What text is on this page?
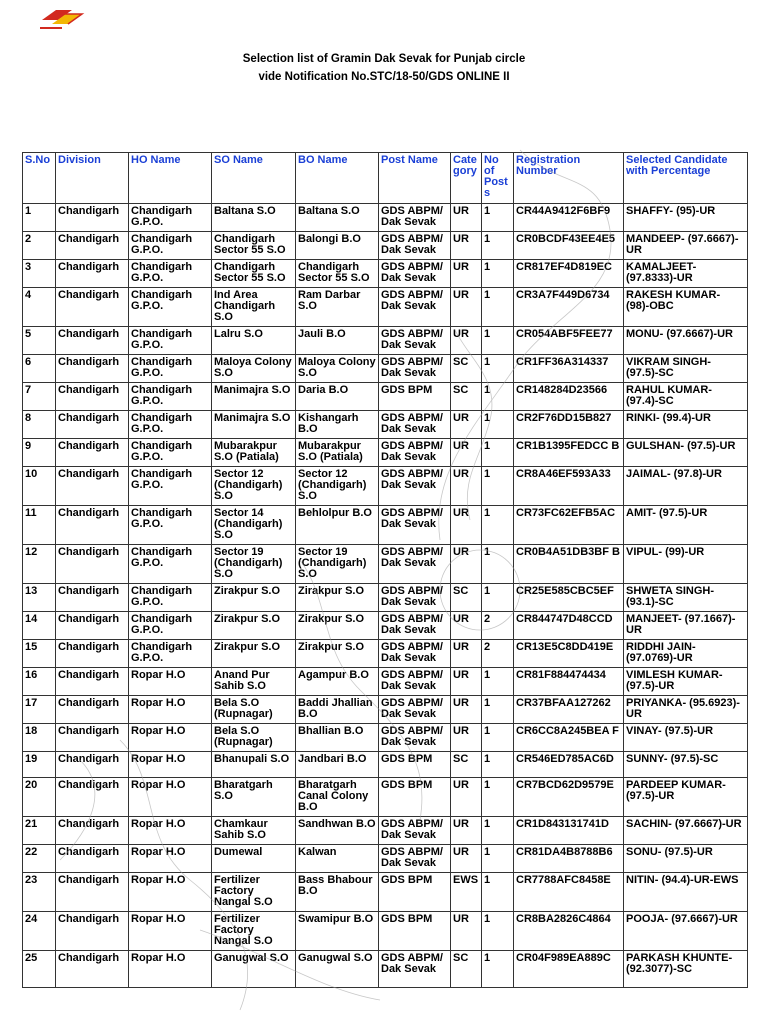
Selection list of Gramin Dak Sevak for Punjab circle
vide Notification No.STC/18-50/GDS ONLINE II
S.No	Division	HO Name	SO Name	BO Name	Post Name	Cate gory	No of Post s	Registration Number	Selected Candidate with Percentage
1	Chandigarh	Chandigarh G.P.O.	Baltana S.O	Baltana S.O	GDS ABPM/ Dak Sevak	UR	1	CR44A9412F6BF9	SHAFFY- (95)-UR
2	Chandigarh	Chandigarh G.P.O.	Chandigarh Sector 55 S.O	Balongi B.O	GDS ABPM/ Dak Sevak	UR	1	CR0BCDF43EE4E5	MANDEEP- (97.6667)-UR
3	Chandigarh	Chandigarh G.P.O.	Chandigarh Sector 55 S.O	Chandigarh Sector 55 S.O	GDS ABPM/ Dak Sevak	UR	1	CR817EF4D819EC	KAMALJEET- (97.8333)-UR
4	Chandigarh	Chandigarh G.P.O.	Ind Area Chandigarh S.O	Ram Darbar S.O	GDS ABPM/ Dak Sevak	UR	1	CR3A7F449D6734	RAKESH KUMAR- (98)-OBC
5	Chandigarh	Chandigarh G.P.O.	Lalru S.O	Jauli B.O	GDS ABPM/ Dak Sevak	UR	1	CR054ABF5FEE77	MONU- (97.6667)-UR
6	Chandigarh	Chandigarh G.P.O.	Maloya Colony S.O	Maloya Colony S.O	GDS ABPM/ Dak Sevak	SC	1	CR1FF36A314337	VIKRAM SINGH- (97.5)-SC
7	Chandigarh	Chandigarh G.P.O.	Manimajra S.O	Daria B.O	GDS BPM	SC	1	CR148284D23566	RAHUL KUMAR- (97.4)-SC
8	Chandigarh	Chandigarh G.P.O.	Manimajra S.O	Kishangarh B.O	GDS ABPM/ Dak Sevak	UR	1	CR2F76DD15B827	RINKI- (99.4)-UR
9	Chandigarh	Chandigarh G.P.O.	Mubarakpur S.O (Patiala)	Mubarakpur S.O (Patiala)	GDS ABPM/ Dak Sevak	UR	1	CR1B1395FEDCC B	GULSHAN- (97.5)-UR
10	Chandigarh	Chandigarh G.P.O.	Sector 12 (Chandigarh) S.O	Sector 12 (Chandigarh) S.O	GDS ABPM/ Dak Sevak	UR	1	CR8A46EF593A33	JAIMAL- (97.8)-UR
11	Chandigarh	Chandigarh G.P.O.	Sector 14 (Chandigarh) S.O	Behlolpur B.O	GDS ABPM/ Dak Sevak	UR	1	CR73FC62EFB5AC	AMIT- (97.5)-UR
12	Chandigarh	Chandigarh G.P.O.	Sector 19 (Chandigarh) S.O	Sector 19 (Chandigarh) S.O	GDS ABPM/ Dak Sevak	UR	1	CR0B4A51DB3BF B	VIPUL- (99)-UR
13	Chandigarh	Chandigarh G.P.O.	Zirakpur S.O	Zirakpur S.O	GDS ABPM/ Dak Sevak	SC	1	CR25E585CBC5EF	SHWETA SINGH- (93.1)-SC
14	Chandigarh	Chandigarh G.P.O.	Zirakpur S.O	Zirakpur S.O	GDS ABPM/ Dak Sevak	UR	2	CR844747D48CCD	MANJEET- (97.1667)-UR
15	Chandigarh	Chandigarh G.P.O.	Zirakpur S.O	Zirakpur S.O	GDS ABPM/ Dak Sevak	UR	2	CR13E5C8DD419E	RIDDHI JAIN- (97.0769)-UR
16	Chandigarh	Ropar H.O	Anand Pur Sahib S.O	Agampur B.O	GDS ABPM/ Dak Sevak	UR	1	CR81F884474434	VIMLESH KUMAR- (97.5)-UR
17	Chandigarh	Ropar H.O	Bela S.O (Rupnagar)	Baddi Jhallian B.O	GDS ABPM/ Dak Sevak	UR	1	CR37BFAA127262	PRIYANKA- (95.6923)-UR
18	Chandigarh	Ropar H.O	Bela S.O (Rupnagar)	Bhallian B.O	GDS ABPM/ Dak Sevak	UR	1	CR6CC8A245BEA F	VINAY- (97.5)-UR
19	Chandigarh	Ropar H.O	Bhanupali S.O	Jandbari B.O	GDS BPM	SC	1	CR546ED785AC6D	SUNNY- (97.5)-SC
20	Chandigarh	Ropar H.O	Bharatgarh S.O	Bharatgarh Canal Colony B.O	GDS BPM	UR	1	CR7BCD62D9579E	PARDEEP KUMAR- (97.5)-UR
21	Chandigarh	Ropar H.O	Chamkaur Sahib S.O	Sandhwan B.O	GDS ABPM/ Dak Sevak	UR	1	CR1D843131741D	SACHIN- (97.6667)-UR
22	Chandigarh	Ropar H.O	Dumewal	Kalwan	GDS ABPM/ Dak Sevak	UR	1	CR81DA4B8788B6	SONU- (97.5)-UR
23	Chandigarh	Ropar H.O	Fertilizer Factory Nangal S.O	Bass Bhabour B.O	GDS BPM	EWS	1	CR7788AFC8458E	NITIN- (94.4)-UR-EWS
24	Chandigarh	Ropar H.O	Fertilizer Factory Nangal S.O	Swamipur B.O	GDS BPM	UR	1	CR8BA2826C4864	POOJA- (97.6667)-UR
25	Chandigarh	Ropar H.O	Ganugwal S.O	Ganugwal S.O	GDS ABPM/ Dak Sevak	SC	1	CR04F989EA889C	PARKASH KHUNTE- (92.3077)-SC
